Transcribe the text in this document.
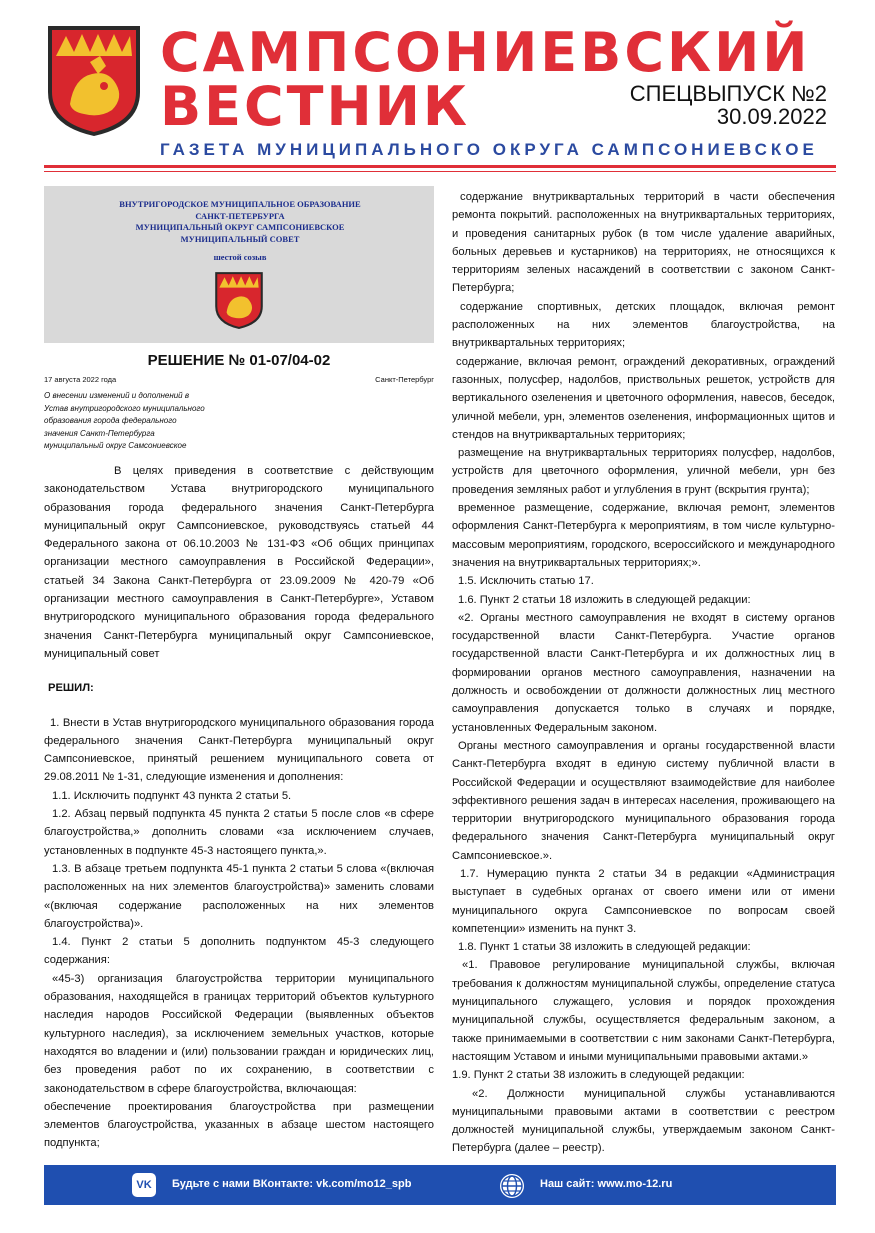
САМПСОНИЕВСКИЙ
ВЕСТНИК	СПЕЦВЫПУСК №2
30.09.2022
ГАЗЕТА МУНИЦИПАЛЬНОГО ОКРУГА САМПСОНИЕВСКОЕ
ВНУТРИГОРОДСКОЕ МУНИЦИПАЛЬНОЕ ОБРАЗОВАНИЕ
САНКТ-ПЕТЕРБУРГА
МУНИЦИПАЛЬНЫЙ ОКРУГ САМПСОНИЕВСКОЕ
МУНИЦИПАЛЬНЫЙ СОВЕТ
шестой созыв
РЕШЕНИЕ № 01-07/04-02
17 августа 2022 года	Санкт-Петербург
О внесении изменений и дополнений в
Устав внутригородского муниципального
образования города федерального
значения Санкт-Петербурга
муниципальный округ Самсониевское

В целях приведения в соответствие с действующим законодательством Устава внутригородского муниципального образования города федерального значения Санкт-Петербурга муниципальный округ Сампсониевское, руководствуясь статьей 44 Федерального закона от 06.10.2003 № 131-ФЗ «Об общих принципах организации местного самоуправления в Российской Федерации», статьей 34 Закона Санкт-Петербурга от 23.09.2009 № 420-79 «Об организации местного самоуправления в Санкт-Петербурге», Уставом внутригородского муниципального образования города федерального значения Санкт-Петербурга муниципальный округ Сампсониевское, муниципальный совет

РЕШИЛ:

1. Внести в Устав внутригородского муниципального образования города федерального значения Санкт-Петербурга муниципальный округ Сампсониевское, принятый решением муниципального совета от 29.08.2011 № 1-31, следующие изменения и дополнения:

1.1. Исключить подпункт 43 пункта 2 статьи 5.

1.2. Абзац первый подпункта 45 пункта 2 статьи 5 после слов «в сфере благоустройства,» дополнить словами «за исключением случаев, установленных в подпункте 45-3 настоящего пункта,».

1.3. В абзаце третьем подпункта 45-1 пункта 2 статьи 5 слова «(включая расположенных на них элементов благоустройства)» заменить словами «(включая содержание расположенных на них элементов благоустройства)».

1.4. Пункт 2 статьи 5 дополнить подпунктом 45-3 следующего содержания:

«45-3) организация благоустройства территории муниципального образования, находящейся в границах территорий объектов культурного наследия народов Российской Федерации (выявленных объектов культурного наследия), за исключением земельных участков, которые находятся во владении и (или) пользовании граждан и юридических лиц, без проведения работ по их сохранению, в соответствии с законодательством в сфере благоустройства, включающая:

обеспечение проектирования благоустройства при размещении элементов благоустройства, указанных в абзаце шестом настоящего подпункта;

содержание внутриквартальных территорий в части обеспечения ремонта покрытий. расположенных на внутриквартальных территориях, и проведения санитарных рубок (в том числе удаление аварийных, больных деревьев и кустарников) на территориях, не относящихся к территориям зеленых насаждений в соответствии с законом Санкт-Петербурга;

содержание спортивных, детских площадок, включая ремонт расположенных на них элементов благоустройства, на внутриквартальных территориях;

содержание, включая ремонт, ограждений декоративных, ограждений газонных, полусфер, надолбов, приствольных решеток, устройств для вертикального озеленения и цветочного оформления, навесов, беседок, уличной мебели, урн, элементов озеленения, информационных щитов и стендов на внутриквартальных территориях;

размещение на внутриквартальных территориях полусфер, надолбов, устройств для цветочного оформления, уличной мебели, урн без проведения земляных работ и углубления в грунт (вскрытия грунта);

временное размещение, содержание, включая ремонт, элементов оформления Санкт-Петербурга к мероприятиям, в том числе культурно-массовым мероприятиям, городского, всероссийского и международного значения на внутриквартальных территориях;».

1.5. Исключить статью 17.

1.6. Пункт 2 статьи 18 изложить в следующей редакции:

«2. Органы местного самоуправления не входят в систему органов государственной власти Санкт-Петербурга. Участие органов государственной власти Санкт-Петербурга и их должностных лиц в формировании органов местного самоуправления, назначении на должность и освобождении от должности должностных лиц местного самоуправления допускается только в случаях и порядке, установленных Федеральным законом.

Органы местного самоуправления и органы государственной власти Санкт-Петербурга входят в единую систему публичной власти в Российской Федерации и осуществляют взаимодействие для наиболее эффективного решения задач в интересах населения, проживающего на территории внутригородского муниципального образования города федерального значения Санкт-Петербурга муниципальный округ Сампсониевское.».

1.7. Нумерацию пункта 2 статьи 34 в редакции «Администрация выступает в судебных органах от своего имени или от имени муниципального округа Сампсониевское по вопросам своей компетенции» изменить на пункт 3.

1.8. Пункт 1 статьи 38 изложить в следующей редакции:

«1. Правовое регулирование муниципальной службы, включая требования к должностям муниципальной службы, определение статуса муниципального служащего, условия и порядок прохождения муниципальной службы, осуществляется федеральным законом, а также принимаемыми в соответствии с ним законами Санкт-Петербурга, настоящим Уставом и иными муниципальными правовыми актами.»

1.9. Пункт 2 статьи 38 изложить в следующей редакции:

«2. Должности муниципальной службы устанавливаются муниципальными правовыми актами в соответствии с реестром должностей муниципальной службы, утверждаемым законом Санкт-Петербурга (далее – реестр).

VK	Будьте с нами ВКонтакте: vk.com/mo12_spb	Наш сайт: www.mo-12.ru
